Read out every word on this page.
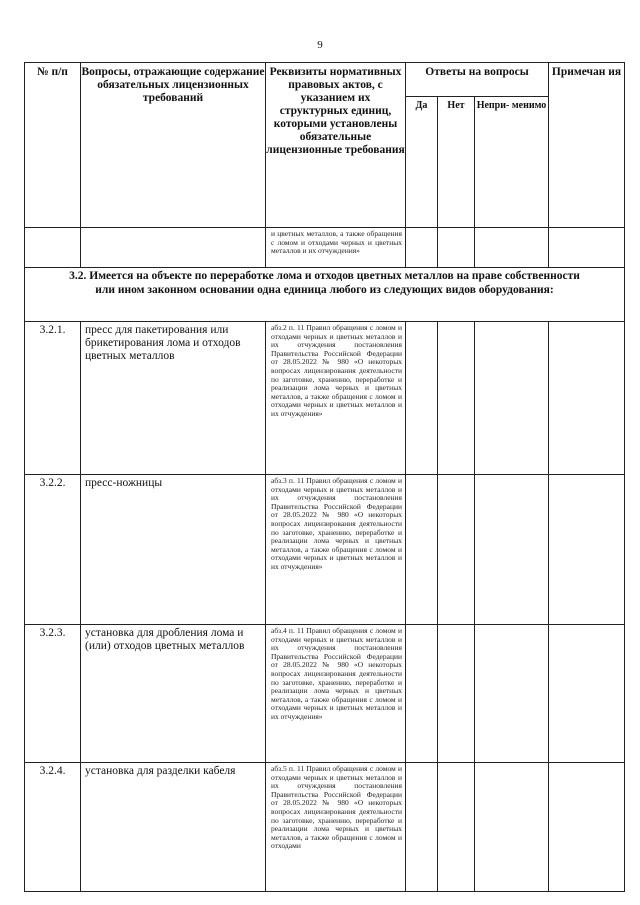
9
№ п/п	Вопросы, отражающие содержание обязательных лицензионных требований	Реквизиты нормативных правовых актов, с указанием их структурных единиц, которыми установлены обязательные лицензионные требования	Ответы на вопросы			Примечан ия
			Да	Нет	Непри- менимо	
		и цветных металлов, а также обращения с ломом и отходами черных и цветных металлов и их отчуждения»				
3.2. Имеется на объекте по переработке лома и отходов цветных металлов на праве собственности или ином законном основании одна единица любого из следующих видов оборудования:						
3.2.1.	пресс для пакетирования или брикетирования лома и отходов цветных металлов	абз.2 п. 11 Правил обращения с ломом и отходами черных и цветных металлов и их отчуждения постановления Правительства Российской Федерации от 28.05.2022 № 980 «О некоторых вопросах лицензирования деятельности по заготовке, хранению, переработке и реализации лома черных и цветных металлов, а также обращения с ломом и отходами черных и цветных металлов и их отчуждения»				
3.2.2.	пресс-ножницы	абз.3 п. 11 Правил обращения с ломом и отходами черных и цветных металлов и их отчуждения постановления Правительства Российской Федерации от 28.05.2022 № 980 «О некоторых вопросах лицензирования деятельности по заготовке, хранению, переработке и реализации лома черных и цветных металлов, а также обращения с ломом и отходами черных и цветных металлов и их отчуждения»				
3.2.3.	установка для дробления лома и (или) отходов цветных металлов	абз.4 п. 11 Правил обращения с ломом и отходами черных и цветных металлов и их отчуждения постановления Правительства Российской Федерации от 28.05.2022 № 980 «О некоторых вопросах лицензирования деятельности по заготовке, хранению, переработке и реализации лома черных и цветных металлов, а также обращения с ломом и отходами черных и цветных металлов и их отчуждения»				
3.2.4.	установка для разделки кабеля	абз.5 п. 11 Правил обращения с ломом и отходами черных и цветных металлов и их отчуждения постановления Правительства Российской Федерации от 28.05.2022 № 980 «О некоторых вопросах лицензирования деятельности по заготовке, хранению, переработке и реализации лома черных и цветных металлов, а также обращения с ломом и отходами				
